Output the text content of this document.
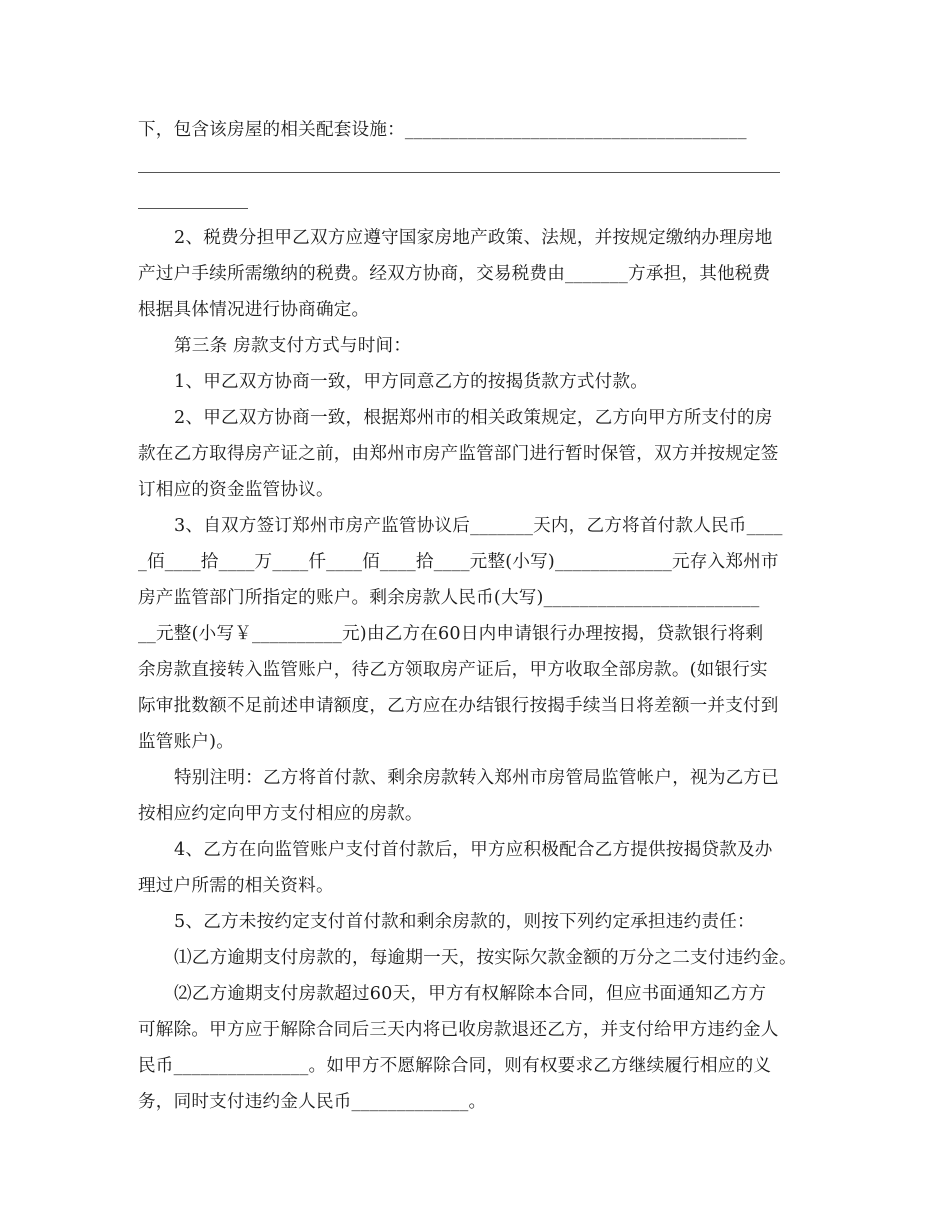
下，包含该房屋的相关配套设施：______________________________________
2、税费分担甲乙双方应遵守国家房地产政策、法规，并按规定缴纳办理房地
产过户手续所需缴纳的税费。经双方协商，交易税费由_______方承担，其他税费
根据具体情况进行协商确定。
第三条 房款支付方式与时间：
1、甲乙双方协商一致，甲方同意乙方的按揭货款方式付款。
2、甲乙双方协商一致，根据郑州市的相关政策规定，乙方向甲方所支付的房
款在乙方取得房产证之前，由郑州市房产监管部门进行暂时保管，双方并按规定签
订相应的资金监管协议。
3、自双方签订郑州市房产监管协议后_______天内，乙方将首付款人民币____
_佰____拾____万____仟____佰____拾____元整(小写)_____________元存入郑州市
房产监管部门所指定的账户。剩余房款人民币(大写)________________________
__元整(小写￥__________元)由乙方在60日内申请银行办理按揭，贷款银行将剩
余房款直接转入监管账户，待乙方领取房产证后，甲方收取全部房款。(如银行实
际审批数额不足前述申请额度，乙方应在办结银行按揭手续当日将差额一并支付到
监管账户)。
特别注明：乙方将首付款、剩余房款转入郑州市房管局监管帐户，视为乙方已
按相应约定向甲方支付相应的房款。
4、乙方在向监管账户支付首付款后，甲方应积极配合乙方提供按揭贷款及办
理过户所需的相关资料。
5、乙方未按约定支付首付款和剩余房款的，则按下列约定承担违约责任：
⑴乙方逾期支付房款的，每逾期一天，按实际欠款金额的万分之二支付违约金。
⑵乙方逾期支付房款超过60天，甲方有权解除本合同，但应书面通知乙方方
可解除。甲方应于解除合同后三天内将已收房款退还乙方，并支付给甲方违约金人
民币_______________。如甲方不愿解除合同，则有权要求乙方继续履行相应的义
务，同时支付违约金人民币_____________。
